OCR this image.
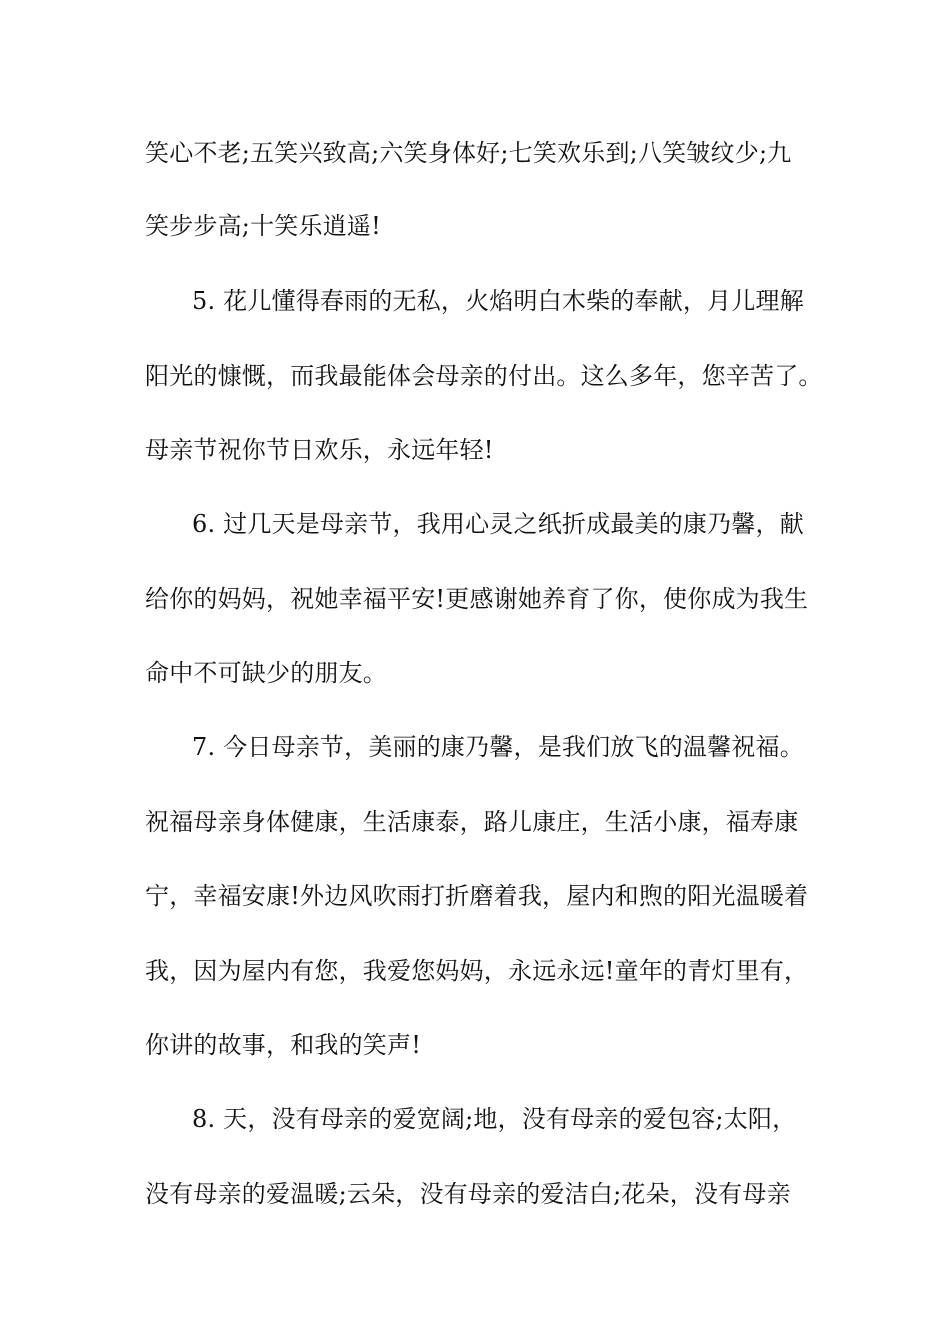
笑心不老;五笑兴致高;六笑身体好;七笑欢乐到;八笑皱纹少;九
笑步步高;十笑乐逍遥!
5. 花儿懂得春雨的无私，火焰明白木柴的奉献，月儿理解
阳光的慷慨，而我最能体会母亲的付出。这么多年，您辛苦了。
母亲节祝你节日欢乐，永远年轻!
6. 过几天是母亲节，我用心灵之纸折成最美的康乃馨，献
给你的妈妈，祝她幸福平安!更感谢她养育了你，使你成为我生
命中不可缺少的朋友。
7. 今日母亲节，美丽的康乃馨，是我们放飞的温馨祝福。
祝福母亲身体健康，生活康泰，路儿康庄，生活小康，福寿康
宁，幸福安康!外边风吹雨打折磨着我，屋内和煦的阳光温暖着
我，因为屋内有您，我爱您妈妈，永远永远!童年的青灯里有，
你讲的故事，和我的笑声!
8. 天，没有母亲的爱宽阔;地，没有母亲的爱包容;太阳，
没有母亲的爱温暖;云朵，没有母亲的爱洁白;花朵，没有母亲
